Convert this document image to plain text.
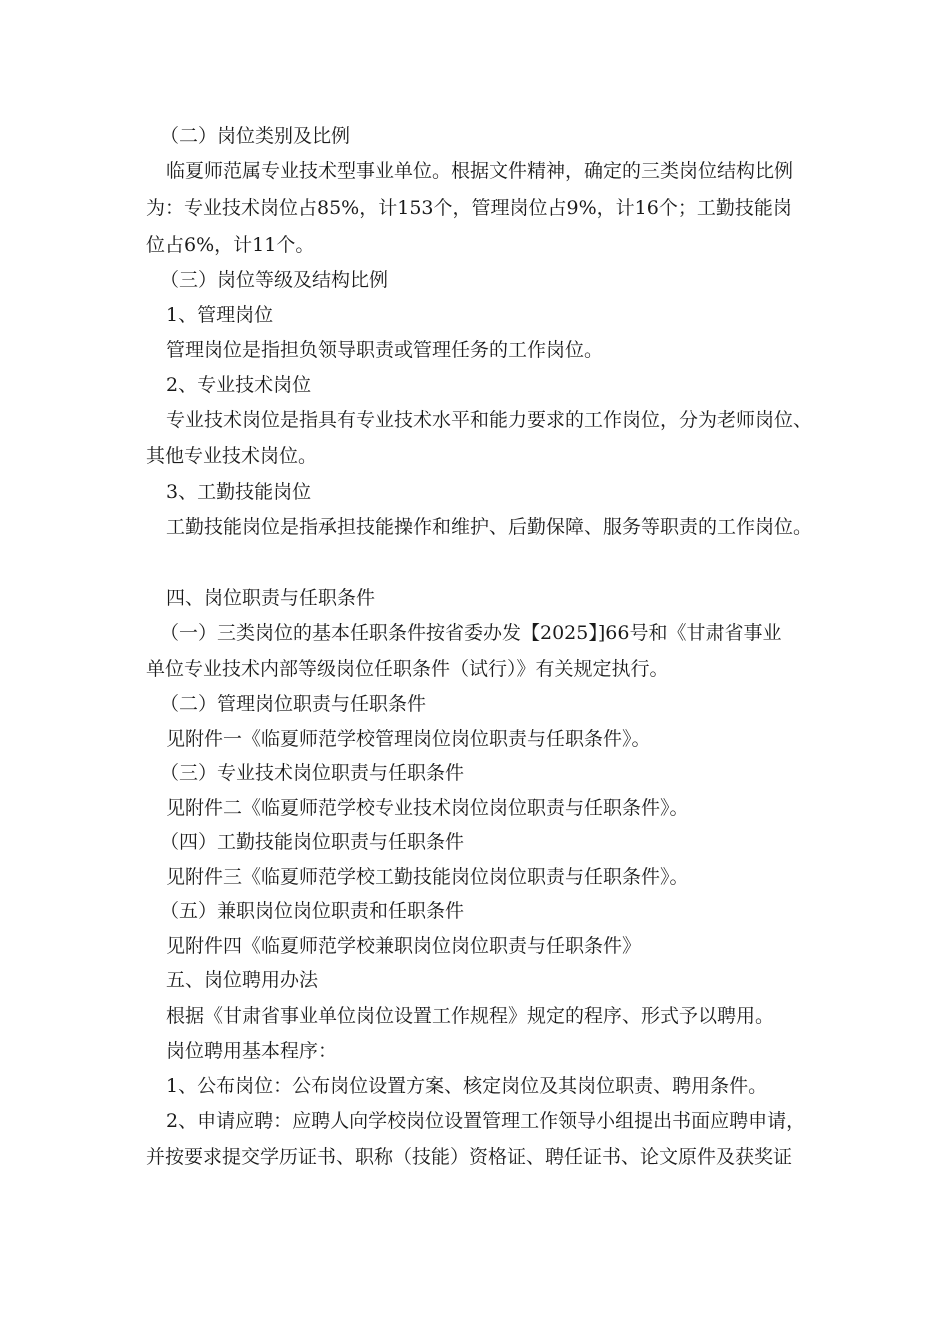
（二）岗位类别及比例
临夏师范属专业技术型事业单位。根据文件精神，确定的三类岗位结构比例
为：专业技术岗位占85%，计153个，管理岗位占9%，计16个；工勤技能岗
位占6%，计11个。
（三）岗位等级及结构比例
1、管理岗位
管理岗位是指担负领导职责或管理任务的工作岗位。
2、专业技术岗位
专业技术岗位是指具有专业技术水平和能力要求的工作岗位，分为老师岗位、
其他专业技术岗位。
3、工勤技能岗位
工勤技能岗位是指承担技能操作和维护、后勤保障、服务等职责的工作岗位。
四、岗位职责与任职条件
（一）三类岗位的基本任职条件按省委办发【2025】]66号和《甘肃省事业
单位专业技术内部等级岗位任职条件（试行）》有关规定执行。
（二）管理岗位职责与任职条件
见附件一《临夏师范学校管理岗位岗位职责与任职条件》。
（三）专业技术岗位职责与任职条件
见附件二《临夏师范学校专业技术岗位岗位职责与任职条件》。
（四）工勤技能岗位职责与任职条件
见附件三《临夏师范学校工勤技能岗位岗位职责与任职条件》。
（五）兼职岗位岗位职责和任职条件
见附件四《临夏师范学校兼职岗位岗位职责与任职条件》
五、岗位聘用办法
根据《甘肃省事业单位岗位设置工作规程》规定的程序、形式予以聘用。
岗位聘用基本程序：
1、公布岗位：公布岗位设置方案、核定岗位及其岗位职责、聘用条件。
2、申请应聘：应聘人向学校岗位设置管理工作领导小组提出书面应聘申请，
并按要求提交学历证书、职称（技能）资格证、聘任证书、论文原件及获奖证
